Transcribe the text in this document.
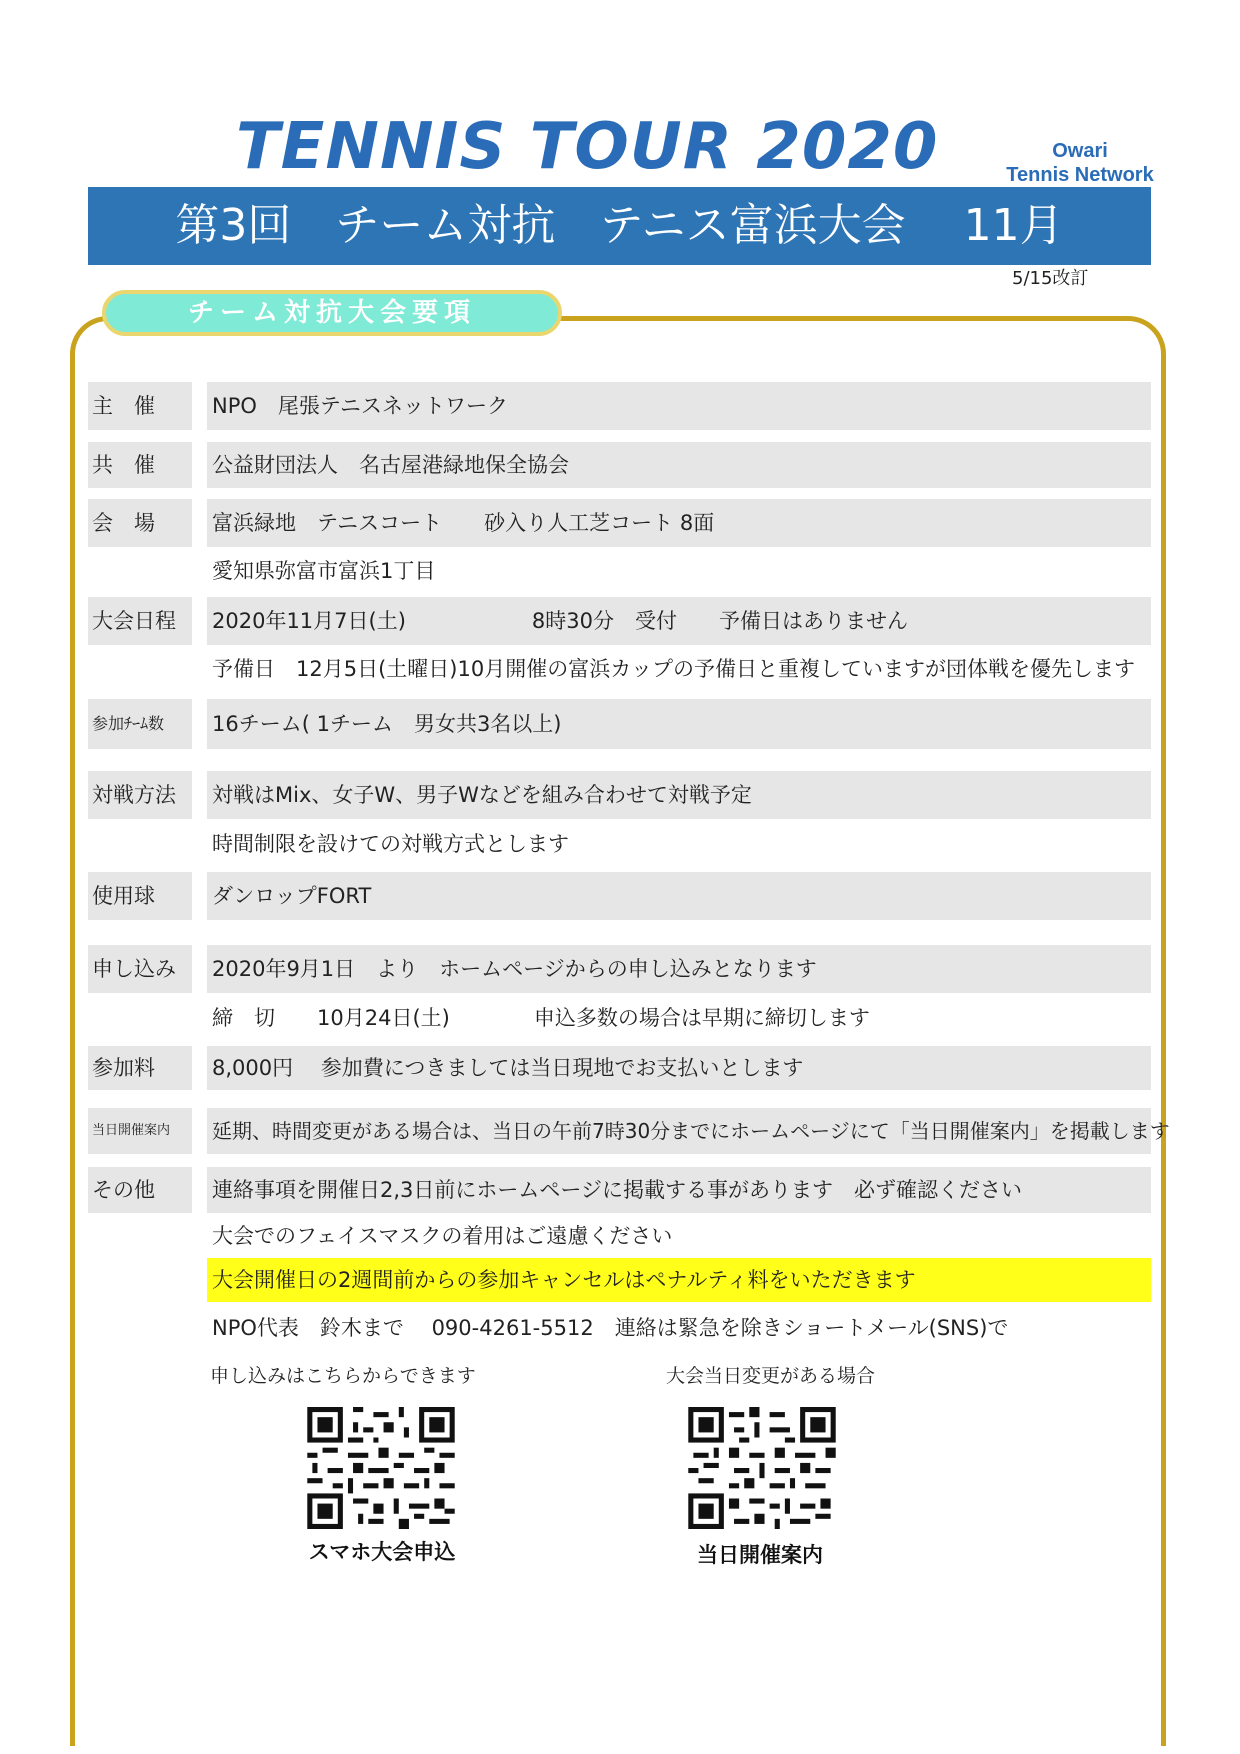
TENNIS TOUR 2020	Owari
Tennis Network
第3回　チーム対抗　テニス富浜大会　 11月
5/15改訂
チーム対抗大会要項
主　催	NPO　尾張テニスネットワーク
共　催	公益財団法人　名古屋港緑地保全協会
会　場	富浜緑地　テニスコート　　砂入り人工芝コート 8面
愛知県弥富市富浜1丁目
大会日程	2020年11月7日(土)　　　　　　8時30分　受付　　予備日はありません
予備日　12月5日(土曜日)10月開催の富浜カップの予備日と重複していますが団体戦を優先します
参加ﾁｰﾑ数	16チーム( 1チーム　男女共3名以上)
対戦方法	対戦はMix、女子W、男子Wなどを組み合わせて対戦予定
時間制限を設けての対戦方式とします
使用球	ダンロップFORT
申し込み	2020年9月1日　より　ホームページからの申し込みとなります
締　切　　10月24日(土)　　　　申込多数の場合は早期に締切します
参加料	8,000円　 参加費につきましては当日現地でお支払いとします
当日開催案内	延期、時間変更がある場合は、当日の午前7時30分までにホームページにて「当日開催案内」を掲載します
その他	連絡事項を開催日2,3日前にホームページに掲載する事があります　必ず確認ください
大会でのフェイスマスクの着用はご遠慮ください
大会開催日の2週間前からの参加キャンセルはペナルティ料をいただきます
NPO代表　鈴木まで　 090-4261-5512　連絡は緊急を除きショートメール(SNS)で
申し込みはこちらからできます	大会当日変更がある場合
スマホ大会申込	当日開催案内
